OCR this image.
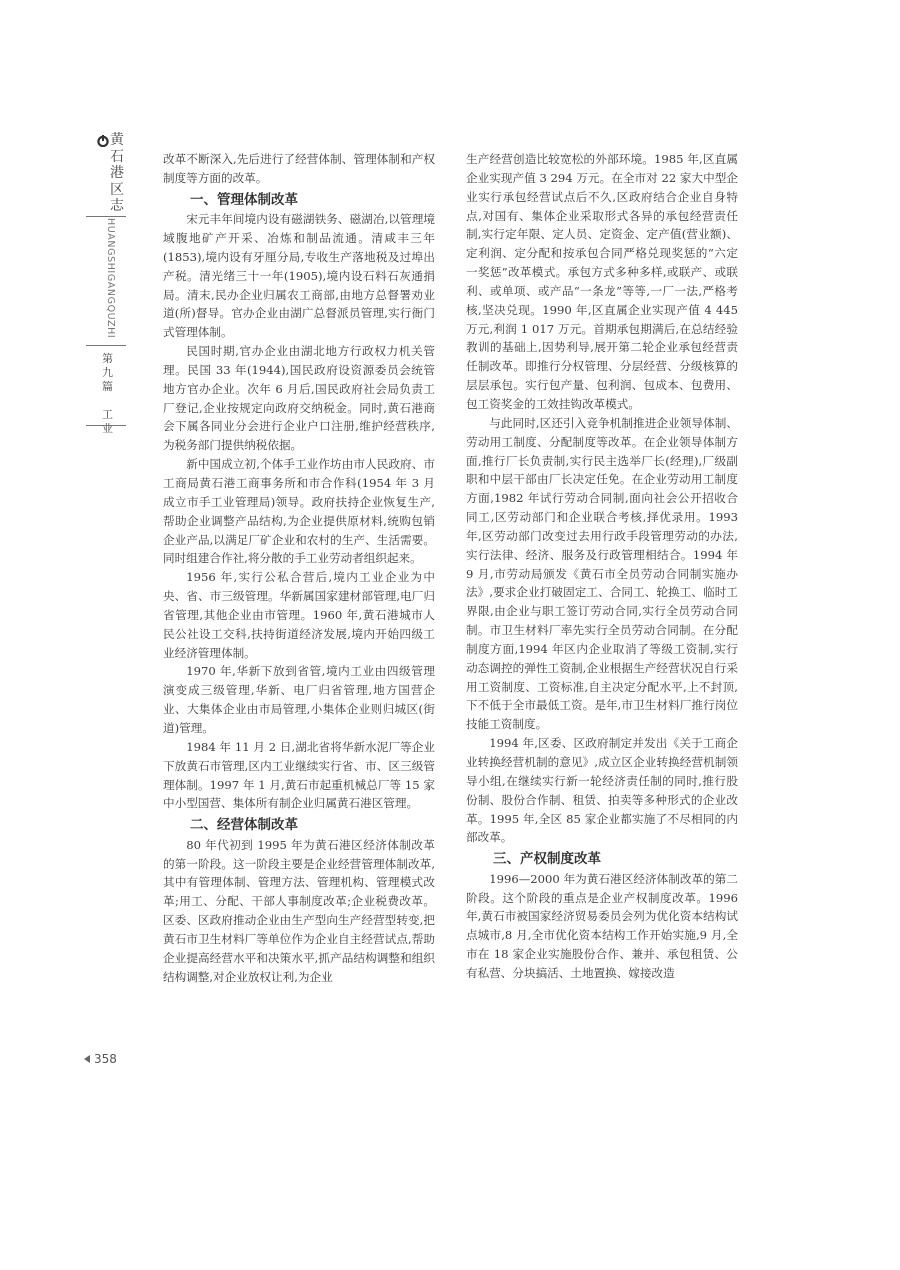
黄石港区志
HUANGSHIGANGQUZHI
第九篇
工业

改革不断深入,先后进行了经营体制、管理体制和产权制度等方面的改革。

一、管理体制改革

宋元丰年间境内设有磁湖铁务、磁湖冶,以管理境域腹地矿产开采、冶炼和制品流通。清咸丰三年(1853),境内设有牙厘分局,专收生产落地税及过埠出产税。清光绪三十一年(1905),境内设石料石灰通捐局。清末,民办企业归属农工商部,由地方总督署劝业道(所)督导。官办企业由湖广总督派员管理,实行衙门式管理体制。

民国时期,官办企业由湖北地方行政权力机关管理。民国 33 年(1944),国民政府设资源委员会统管地方官办企业。次年 6 月后,国民政府社会局负责工厂登记,企业按规定向政府交纳税金。同时,黄石港商会下属各同业分会进行企业户口注册,维护经营秩序,为税务部门提供纳税依据。

新中国成立初,个体手工业作坊由市人民政府、市工商局黄石港工商事务所和市合作科(1954 年 3 月成立市手工业管理局)领导。政府扶持企业恢复生产,帮助企业调整产品结构,为企业提供原材料,统购包销企业产品,以满足厂矿企业和农村的生产、生活需要。同时组建合作社,将分散的手工业劳动者组织起来。

1956 年,实行公私合营后,境内工业企业为中央、省、市三级管理。华新属国家建材部管理,电厂归省管理,其他企业由市管理。1960 年,黄石港城市人民公社设工交科,扶持街道经济发展,境内开始四级工业经济管理体制。

1970 年,华新下放到省管,境内工业由四级管理演变成三级管理,华新、电厂归省管理,地方国营企业、大集体企业由市局管理,小集体企业则归城区(街道)管理。

1984 年 11 月 2 日,湖北省将华新水泥厂等企业下放黄石市管理,区内工业继续实行省、市、区三级管理体制。1997 年 1 月,黄石市起重机械总厂等 15 家中小型国营、集体所有制企业归属黄石港区管理。

二、经营体制改革

80 年代初到 1995 年为黄石港区经济体制改革的第一阶段。这一阶段主要是企业经营管理体制改革,其中有管理体制、管理方法、管理机构、管理模式改革;用工、分配、干部人事制度改革;企业税费改革。区委、区政府推动企业由生产型向生产经营型转变,把黄石市卫生材料厂等单位作为企业自主经营试点,帮助企业提高经营水平和决策水平,抓产品结构调整和组织结构调整,对企业放权让利,为企业

生产经营创造比较宽松的外部环境。1985 年,区直属企业实现产值 3 294 万元。在全市对 22 家大中型企业实行承包经营试点后不久,区政府结合企业自身特点,对国有、集体企业采取形式各异的承包经营责任制,实行定年限、定人员、定资金、定产值(营业额)、定利润、定分配和按承包合同严格兑现奖惩的“六定一奖惩”改革模式。承包方式多种多样,或联产、或联利、或单项、或产品“一条龙”等等,一厂一法,严格考核,坚决兑现。1990 年,区直属企业实现产值 4 445 万元,利润 1 017 万元。首期承包期满后,在总结经验教训的基础上,因势利导,展开第二轮企业承包经营责任制改革。即推行分权管理、分层经营、分级核算的层层承包。实行包产量、包利润、包成本、包费用、包工资奖金的工效挂钩改革模式。

与此同时,区还引入竞争机制推进企业领导体制、劳动用工制度、分配制度等改革。在企业领导体制方面,推行厂长负责制,实行民主选举厂长(经理),厂级副职和中层干部由厂长决定任免。在企业劳动用工制度方面,1982 年试行劳动合同制,面向社会公开招收合同工,区劳动部门和企业联合考核,择优录用。1993 年,区劳动部门改变过去用行政手段管理劳动的办法,实行法律、经济、服务及行政管理相结合。1994 年 9 月,市劳动局颁发《黄石市全员劳动合同制实施办法》,要求企业打破固定工、合同工、轮换工、临时工界限,由企业与职工签订劳动合同,实行全员劳动合同制。市卫生材料厂率先实行全员劳动合同制。在分配制度方面,1994 年区内企业取消了等级工资制,实行动态调控的弹性工资制,企业根据生产经营状况自行采用工资制度、工资标准,自主决定分配水平,上不封顶,下不低于全市最低工资。是年,市卫生材料厂推行岗位技能工资制度。

1994 年,区委、区政府制定并发出《关于工商企业转换经营机制的意见》,成立区企业转换经营机制领导小组,在继续实行新一轮经济责任制的同时,推行股份制、股份合作制、租赁、拍卖等多种形式的企业改革。1995 年,全区 85 家企业都实施了不尽相同的内部改革。

三、产权制度改革

1996—2000 年为黄石港区经济体制改革的第二阶段。这个阶段的重点是企业产权制度改革。1996 年,黄石市被国家经济贸易委员会列为优化资本结构试点城市,8 月,全市优化资本结构工作开始实施,9 月,全市在 18 家企业实施股份合作、兼并、承包租赁、公有私营、分块搞活、土地置换、嫁接改造

358
